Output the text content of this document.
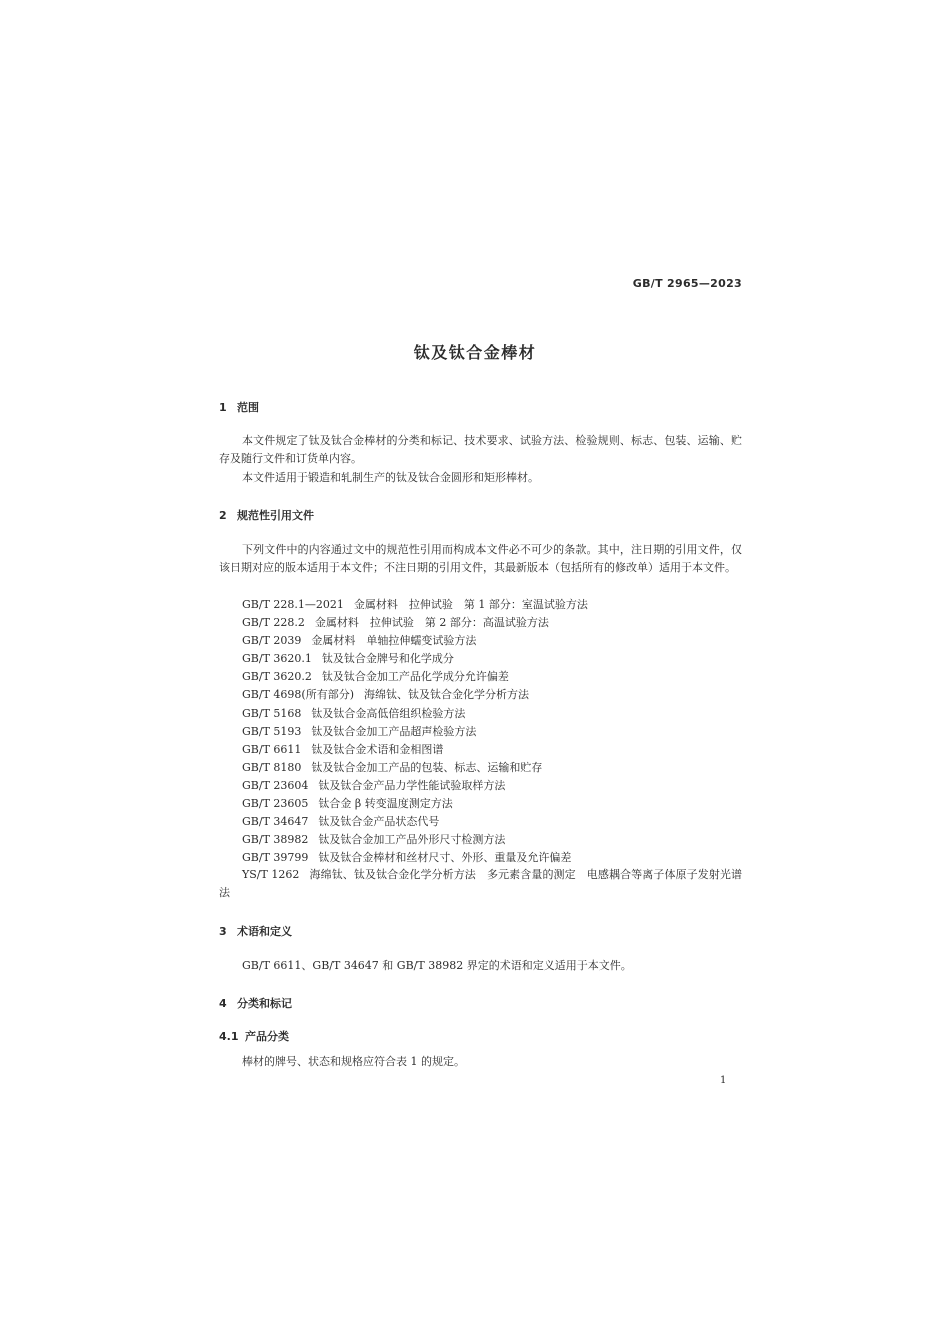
GB/T 2965—2023
钛及钛合金棒材
1 范围
本文件规定了钛及钛合金棒材的分类和标记、技术要求、试验方法、检验规则、标志、包装、运输、贮存及随行文件和订货单内容。
本文件适用于锻造和轧制生产的钛及钛合金圆形和矩形棒材。
2 规范性引用文件
下列文件中的内容通过文中的规范性引用而构成本文件必不可少的条款。其中，注日期的引用文件，仅该日期对应的版本适用于本文件；不注日期的引用文件，其最新版本（包括所有的修改单）适用于本文件。
GB/T 228.1—2021 金属材料　拉伸试验　第 1 部分：室温试验方法
GB/T 228.2 金属材料　拉伸试验　第 2 部分：高温试验方法
GB/T 2039 金属材料　单轴拉伸蠕变试验方法
GB/T 3620.1 钛及钛合金牌号和化学成分
GB/T 3620.2 钛及钛合金加工产品化学成分允许偏差
GB/T 4698(所有部分) 海绵钛、钛及钛合金化学分析方法
GB/T 5168 钛及钛合金高低倍组织检验方法
GB/T 5193 钛及钛合金加工产品超声检验方法
GB/T 6611 钛及钛合金术语和金相图谱
GB/T 8180 钛及钛合金加工产品的包装、标志、运输和贮存
GB/T 23604 钛及钛合金产品力学性能试验取样方法
GB/T 23605 钛合金 β 转变温度测定方法
GB/T 34647 钛及钛合金产品状态代号
GB/T 38982 钛及钛合金加工产品外形尺寸检测方法
GB/T 39799 钛及钛合金棒材和丝材尺寸、外形、重量及允许偏差
YS/T 1262 海绵钛、钛及钛合金化学分析方法　多元素含量的测定　电感耦合等离子体原子发射光谱法
3 术语和定义
GB/T 6611、GB/T 34647 和 GB/T 38982 界定的术语和定义适用于本文件。
4 分类和标记
4.1 产品分类
棒材的牌号、状态和规格应符合表 1 的规定。
1
